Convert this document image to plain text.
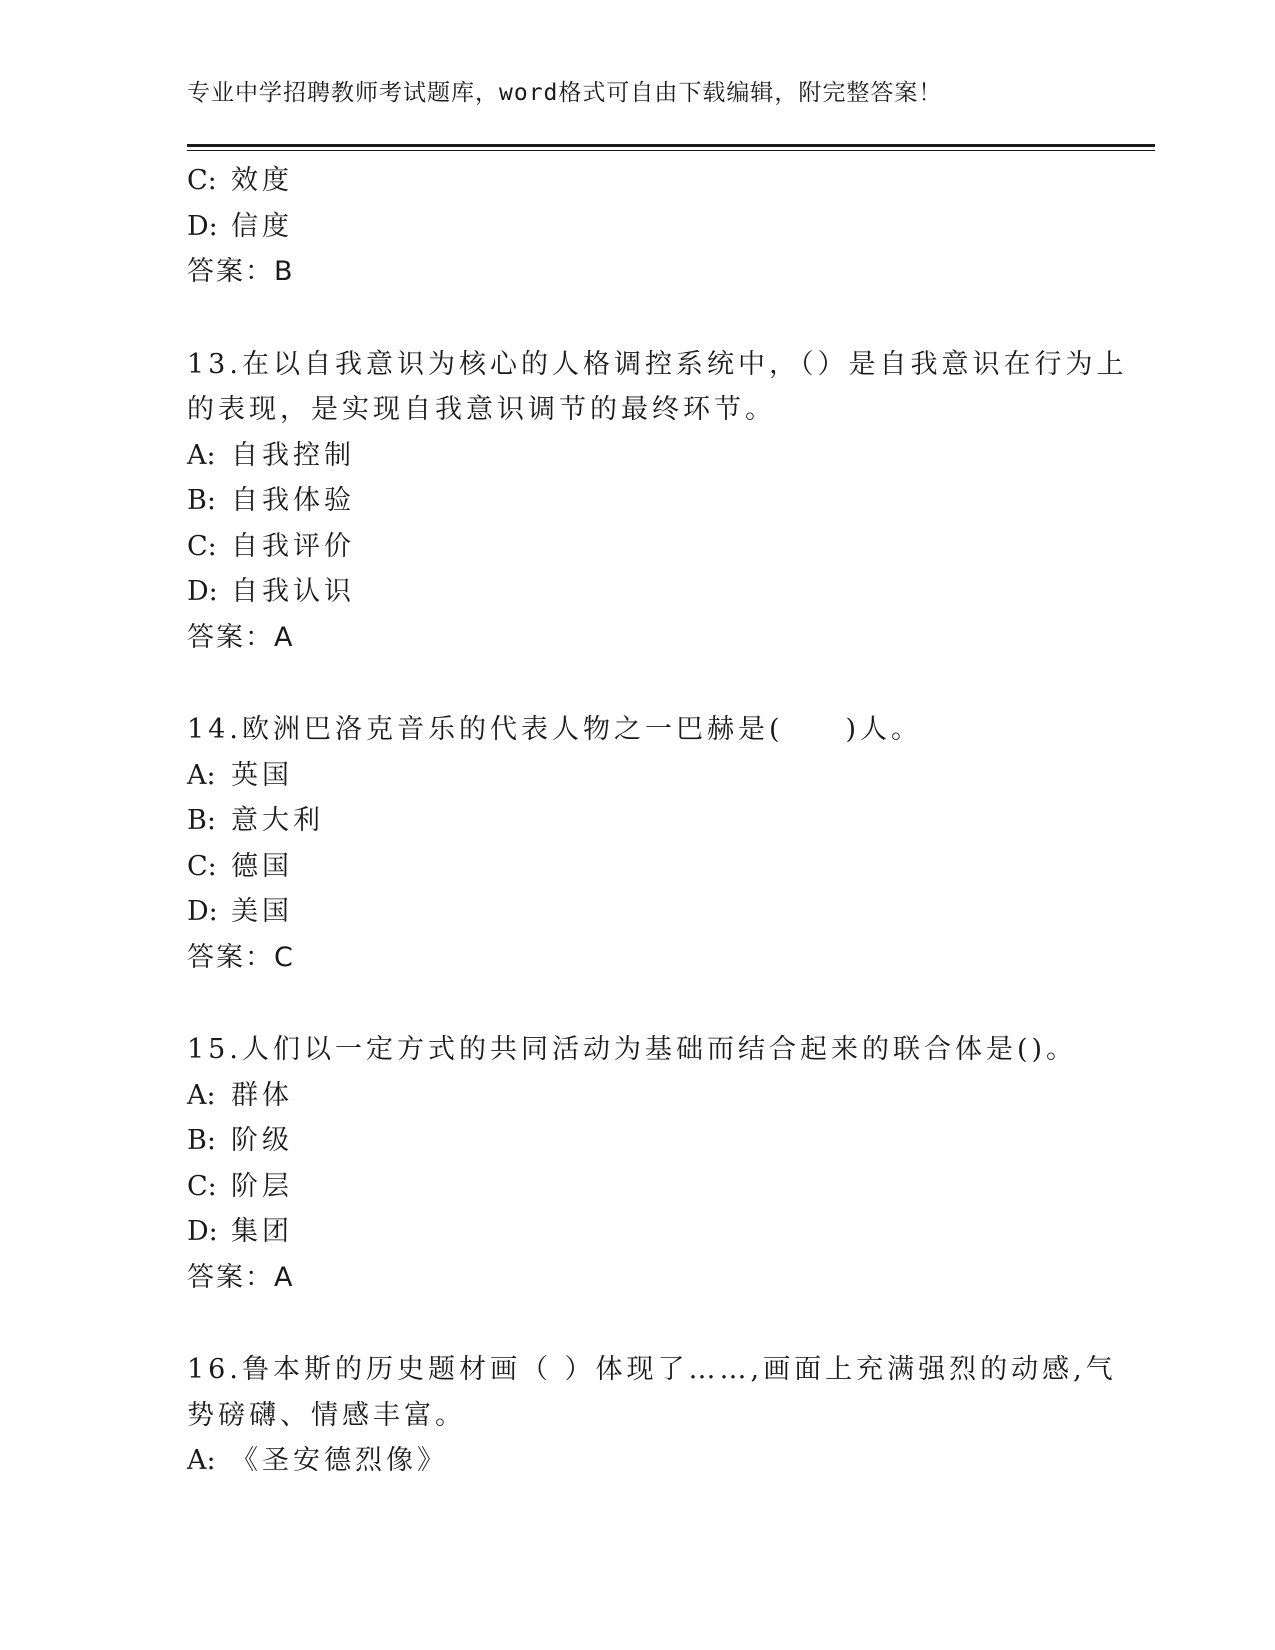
专业中学招聘教师考试题库，word格式可自由下载编辑，附完整答案！
C: 效度
D: 信度
答案：B
13.在以自我意识为核心的人格调控系统中，（）是自我意识在行为上
的表现，是实现自我意识调节的最终环节。
A: 自我控制
B: 自我体验
C: 自我评价
D: 自我认识
答案：A
14.欧洲巴洛克音乐的代表人物之一巴赫是(　　)人。
A: 英国
B: 意大利
C: 德国
D: 美国
答案：C
15.人们以一定方式的共同活动为基础而结合起来的联合体是()。
A: 群体
B: 阶级
C: 阶层
D: 集团
答案：A
16.鲁本斯的历史题材画（ ）体现了……,画面上充满强烈的动感,气
势磅礴、情感丰富。
A: 《圣安德烈像》
